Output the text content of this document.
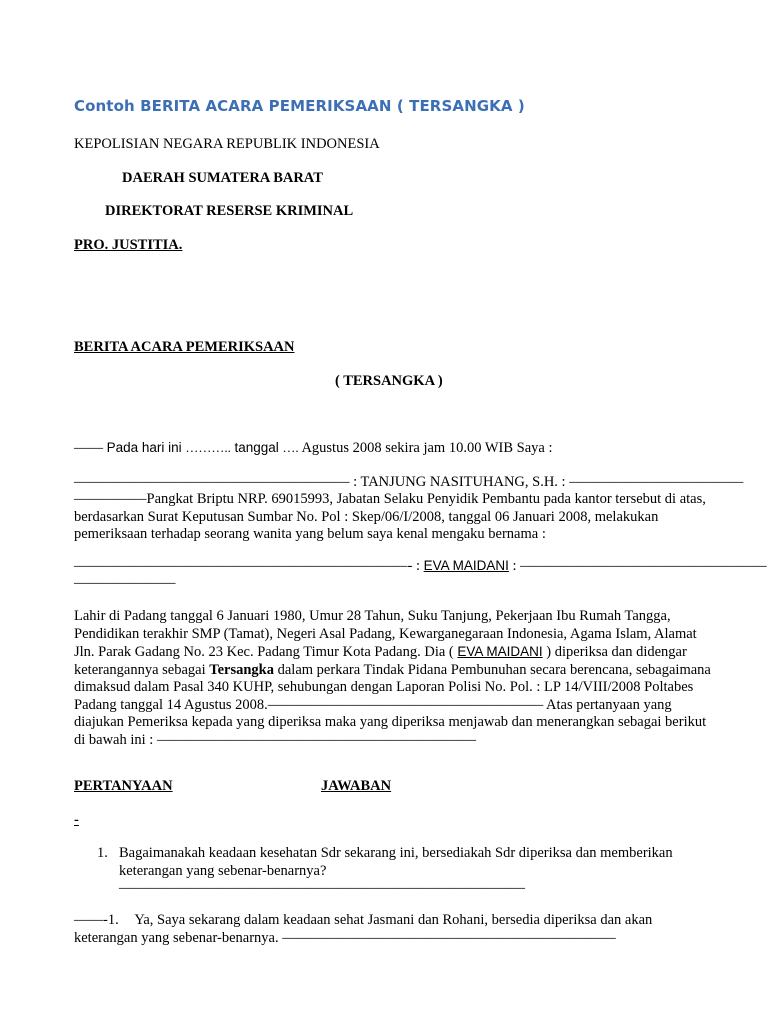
Contoh BERITA ACARA PEMERIKSAAN ( TERSANGKA )
KEPOLISIAN NEGARA REPUBLIK INDONESIA
DAERAH SUMATERA BARAT
DIREKTORAT RESERSE KRIMINAL
PRO. JUSTITIA.
BERITA ACARA PEMERIKSAAN
( TERSANGKA )
—— Pada hari ini ……….. tanggal …. Agustus 2008 sekira jam 10.00 WIB Saya :
——————————————————— : TANJUNG NASITUHANG, S.H. : ————————————
—————Pangkat Briptu NRP. 69015993, Jabatan Selaku Penyidik Pembantu pada kantor tersebut di atas, berdasarkan Surat Keputusan Sumbar No. Pol : Skep/06/I/2008, tanggal 06 Januari 2008, melakukan pemeriksaan terhadap seorang wanita yang belum saya kenal mengaku bernama :
———————————————————————- : EVA MAIDANI : —————————————————
———————
Lahir di Padang tanggal 6 Januari 1980, Umur 28 Tahun, Suku Tanjung, Pekerjaan Ibu Rumah Tangga, Pendidikan terakhir SMP (Tamat), Negeri Asal Padang, Kewarganegaraan Indonesia, Agama Islam, Alamat Jln. Parak Gadang No. 23 Kec. Padang Timur Kota Padang. Dia ( EVA MAIDANI ) diperiksa dan didengar keterangannya sebagai Tersangka dalam perkara Tindak Pidana Pembunuhan secara berencana, sebagaimana dimaksud dalam Pasal 340 KUHP, sehubungan dengan Laporan Polisi No. Pol. : LP 14/VIII/2008 Poltabes Padang tanggal 14 Agustus 2008.——————————————————— Atas pertanyaan yang diajukan Pemeriksa kepada yang diperiksa maka yang diperiksa menjawab dan menerangkan sebagai berikut di bawah ini : ——————————————————————
PERTANYAAN	JAWABAN
-
1. Bagaimanakah keadaan kesehatan Sdr sekarang ini, bersediakah Sdr diperiksa dan memberikan keterangan yang sebenar-benarnya? ————————————————————————————
——-1. Ya, Saya sekarang dalam keadaan sehat Jasmani dan Rohani, bersedia diperiksa dan akan
keterangan yang sebenar-benarnya. ———————————————————————
